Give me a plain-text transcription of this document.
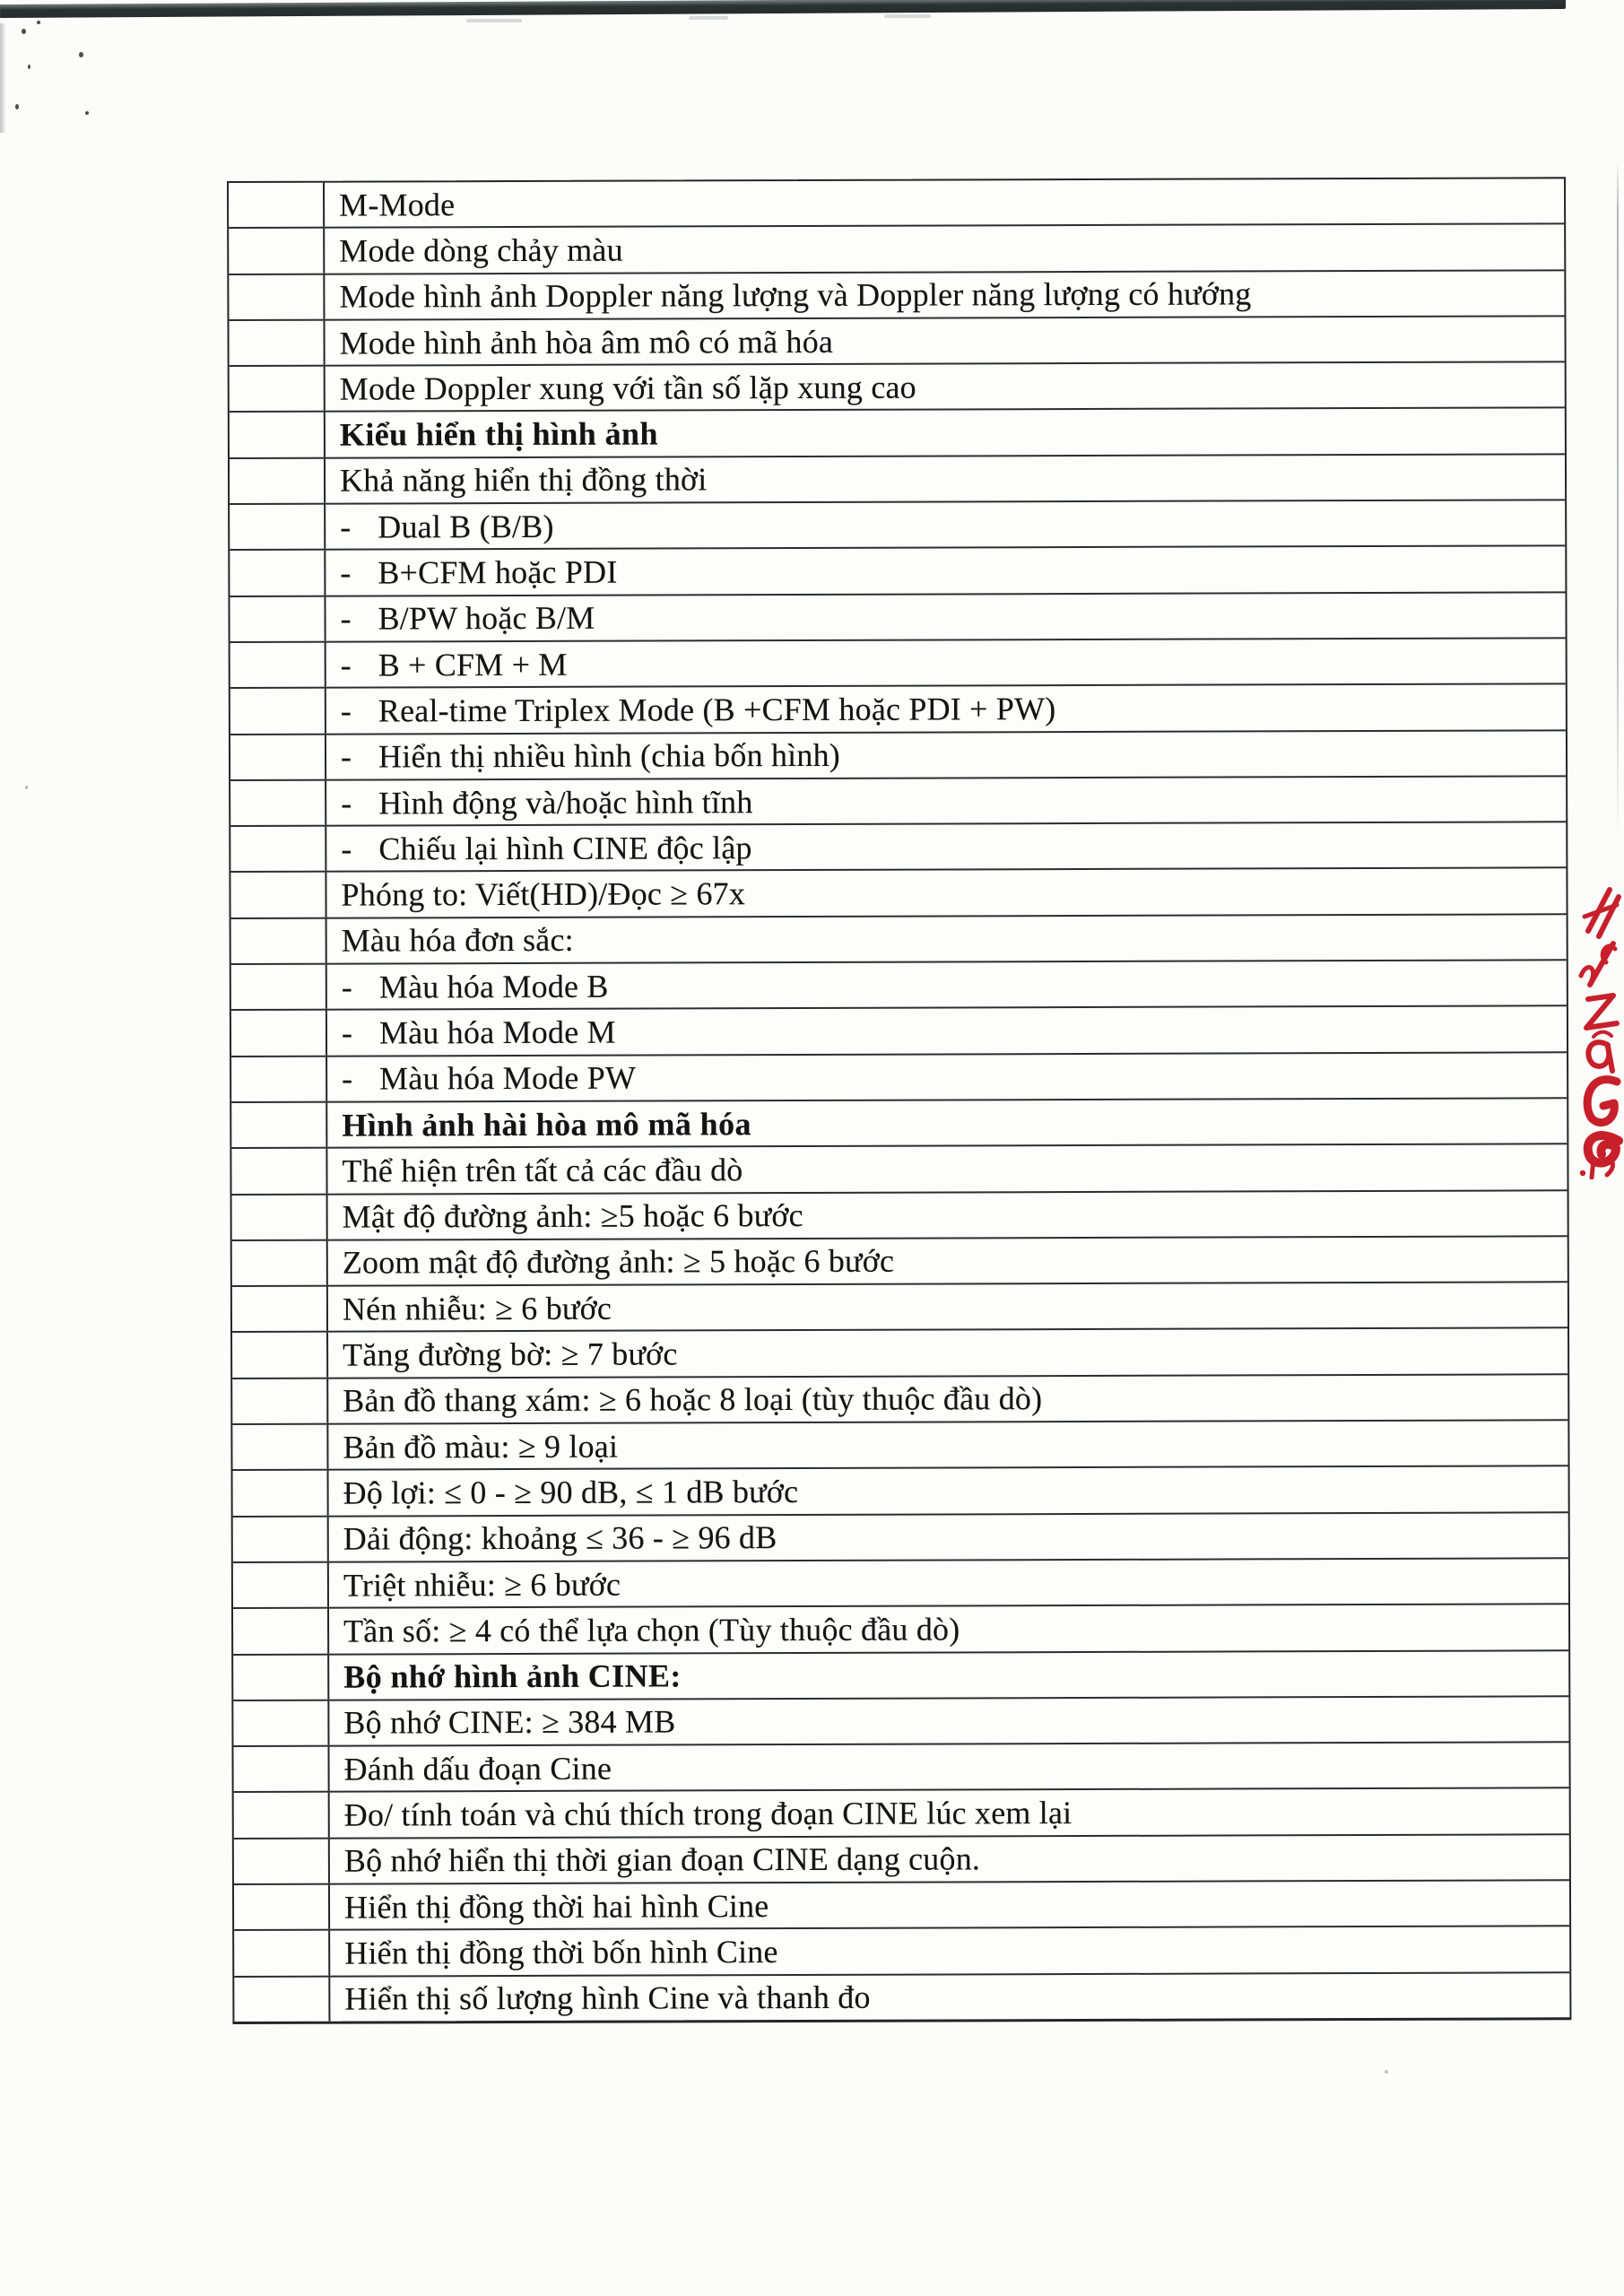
M-Mode
Mode dòng chảy màu
Mode hình ảnh Doppler năng lượng và Doppler năng lượng có hướng
Mode hình ảnh hòa âm mô có mã hóa
Mode Doppler xung với tần số lặp xung cao
Kiểu hiển thị hình ảnh
Khả năng hiển thị đồng thời
- Dual B (B/B)
- B+CFM hoặc PDI
- B/PW hoặc B/M
- B + CFM + M
- Real-time Triplex Mode (B +CFM hoặc PDI + PW)
- Hiển thị nhiều hình (chia bốn hình)
- Hình động và/hoặc hình tĩnh
- Chiếu lại hình CINE độc lập
Phóng to: Viết(HD)/Đọc ≥ 67x
Màu hóa đơn sắc:
- Màu hóa Mode B
- Màu hóa Mode M
- Màu hóa Mode PW
Hình ảnh hài hòa mô mã hóa
Thể hiện trên tất cả các đầu dò
Mật độ đường ảnh: ≥5 hoặc 6 bước
Zoom mật độ đường ảnh: ≥ 5 hoặc 6 bước
Nén nhiễu: ≥ 6 bước
Tăng đường bờ: ≥ 7 bước
Bản đồ thang xám: ≥ 6 hoặc 8 loại (tùy thuộc đầu dò)
Bản đồ màu: ≥ 9 loại
Độ lợi: ≤ 0 - ≥ 90 dB, ≤ 1 dB bước
Dải động: khoảng ≤ 36 - ≥ 96 dB
Triệt nhiễu: ≥ 6 bước
Tần số: ≥ 4 có thể lựa chọn (Tùy thuộc đầu dò)
Bộ nhớ hình ảnh CINE:
Bộ nhớ CINE: ≥ 384 MB
Đánh dấu đoạn Cine
Đo/ tính toán và chú thích trong đoạn CINE lúc xem lại
Bộ nhớ hiển thị thời gian đoạn CINE dạng cuộn.
Hiển thị đồng thời hai hình Cine
Hiển thị đồng thời bốn hình Cine
Hiển thị số lượng hình Cine và thanh đo
